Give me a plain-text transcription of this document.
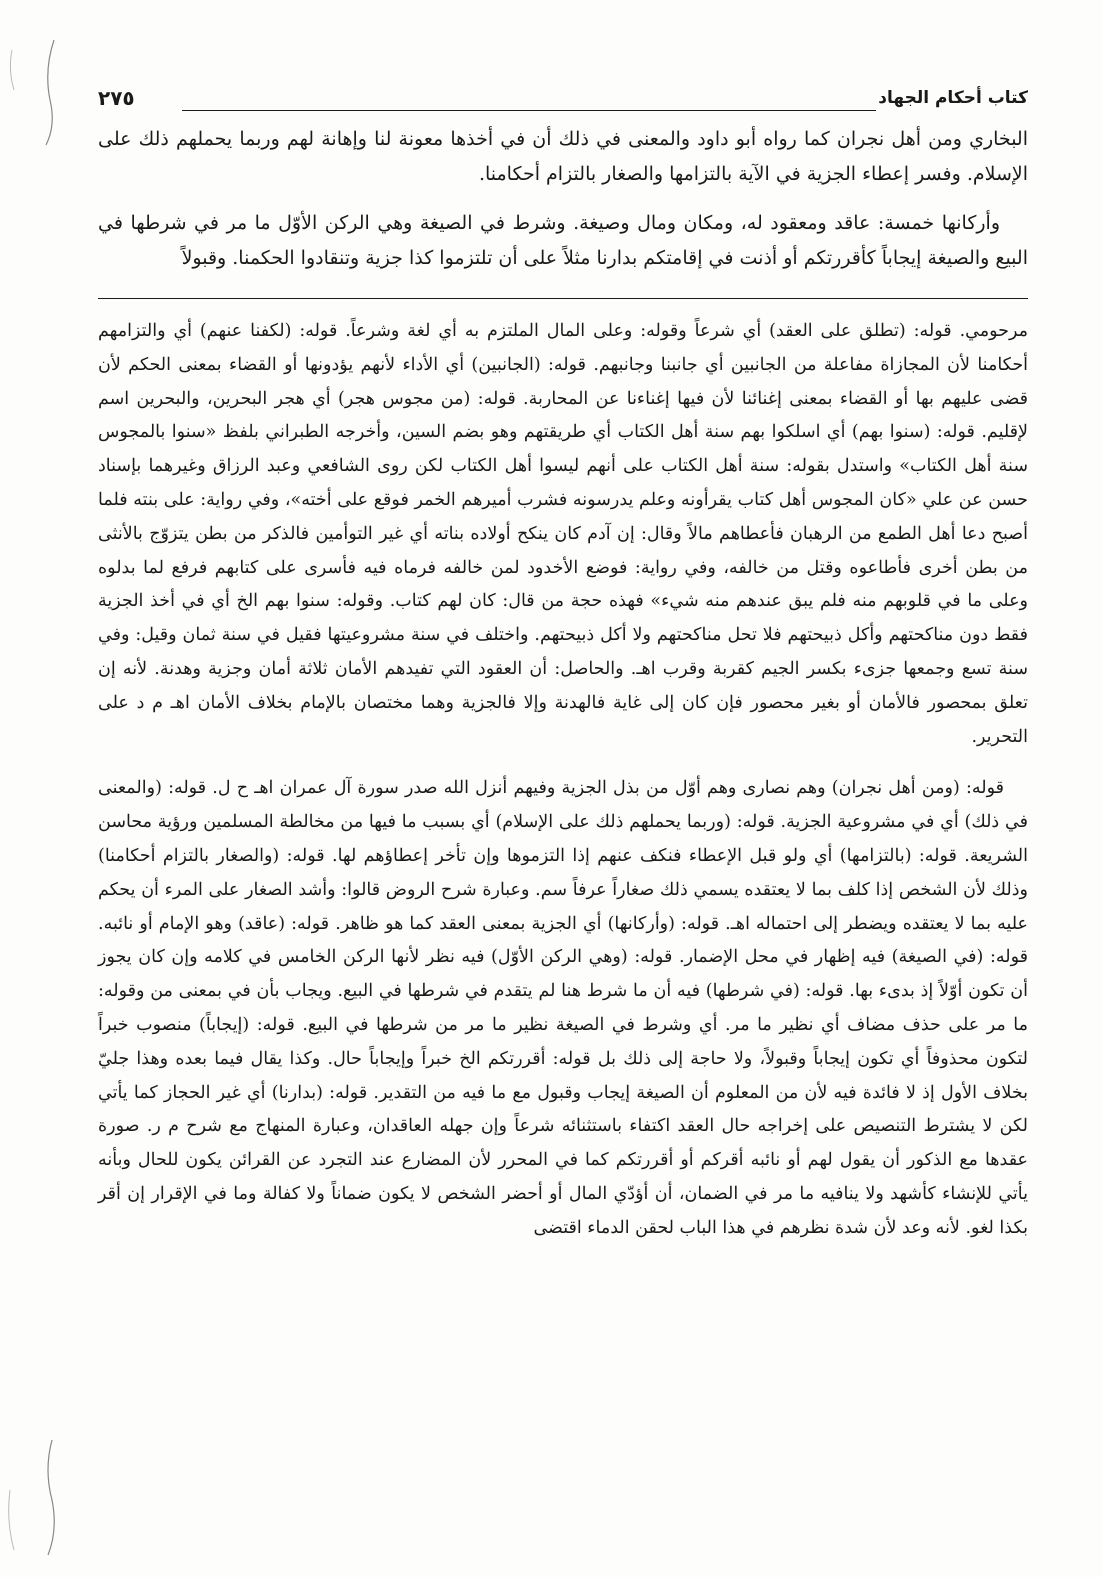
كتاب أحكام الجهاد
٢٧٥

البخاري ومن أهل نجران كما رواه أبو داود والمعنى في ذلك أن في أخذها معونة لنا وإهانة لهم وربما يحملهم ذلك على الإسلام. وفسر إعطاء الجزية في الآية بالتزامها والصغار بالتزام أحكامنا.

وأركانها خمسة: عاقد ومعقود له، ومكان ومال وصيغة. وشرط في الصيغة وهي الركن الأوّل ما مر في شرطها في البيع والصيغة إيجاباً كأقررتكم أو أذنت في إقامتكم بدارنا مثلاً على أن تلتزموا كذا جزية وتنقادوا الحكمنا. وقبولاً

مرحومي. قوله: (تطلق على العقد) أي شرعاً وقوله: وعلى المال الملتزم به أي لغة وشرعاً. قوله: (لكفنا عنهم) أي والتزامهم أحكامنا لأن المجازاة مفاعلة من الجانبين أي جانبنا وجانبهم. قوله: (الجانبين) أي الأداء لأنهم يؤدونها أو القضاء بمعنى الحكم لأن قضى عليهم بها أو القضاء بمعنى إغنائنا لأن فيها إغناءنا عن المحاربة. قوله: (من مجوس هجر) أي هجر البحرين، والبحرين اسم لإقليم. قوله: (سنوا بهم) أي اسلكوا بهم سنة أهل الكتاب أي طريقتهم وهو بضم السين، وأخرجه الطبراني بلفظ «سنوا بالمجوس سنة أهل الكتاب» واستدل بقوله: سنة أهل الكتاب على أنهم ليسوا أهل الكتاب لكن روى الشافعي وعبد الرزاق وغيرهما بإسناد حسن عن علي «كان المجوس أهل كتاب يقرأونه وعلم يدرسونه فشرب أميرهم الخمر فوقع على أخته»، وفي رواية: على بنته فلما أصبح دعا أهل الطمع من الرهبان فأعطاهم مالاً وقال: إن آدم كان ينكح أولاده بناته أي غير التوأمين فالذكر من بطن يتزوّج بالأنثى من بطن أخرى فأطاعوه وقتل من خالفه، وفي رواية: فوضع الأخدود لمن خالفه فرماه فيه فأسرى على كتابهم فرفع لما بدلوه وعلى ما في قلوبهم منه فلم يبق عندهم منه شيء» فهذه حجة من قال: كان لهم كتاب. وقوله: سنوا بهم الخ أي في أخذ الجزية فقط دون مناكحتهم وأكل ذبيحتهم فلا تحل مناكحتهم ولا أكل ذبيحتهم. واختلف في سنة مشروعيتها فقيل في سنة ثمان وقيل: وفي سنة تسع وجمعها جزىء بكسر الجيم كقربة وقرب اهـ. والحاصل: أن العقود التي تفيدهم الأمان ثلاثة أمان وجزية وهدنة. لأنه إن تعلق بمحصور فالأمان أو بغير محصور فإن كان إلى غاية فالهدنة وإلا فالجزية وهما مختصان بالإمام بخلاف الأمان اهـ م د على التحرير.

قوله: (ومن أهل نجران) وهم نصارى وهم أوّل من بذل الجزية وفيهم أنزل الله صدر سورة آل عمران اهـ ح ل. قوله: (والمعنى في ذلك) أي في مشروعية الجزية. قوله: (وربما يحملهم ذلك على الإسلام) أي بسبب ما فيها من مخالطة المسلمين ورؤية محاسن الشريعة. قوله: (بالتزامها) أي ولو قبل الإعطاء فنكف عنهم إذا التزموها وإن تأخر إعطاؤهم لها. قوله: (والصغار بالتزام أحكامنا) وذلك لأن الشخص إذا كلف بما لا يعتقده يسمي ذلك صغاراً عرفاً سم. وعبارة شرح الروض قالوا: وأشد الصغار على المرء أن يحكم عليه بما لا يعتقده ويضطر إلى احتماله اهـ. قوله: (وأركانها) أي الجزية بمعنى العقد كما هو ظاهر. قوله: (عاقد) وهو الإمام أو نائبه. قوله: (في الصيغة) فيه إظهار في محل الإضمار. قوله: (وهي الركن الأوّل) فيه نظر لأنها الركن الخامس في كلامه وإن كان يجوز أن تكون أوّلاً إذ بدىء بها. قوله: (في شرطها) فيه أن ما شرط هنا لم يتقدم في شرطها في البيع. ويجاب بأن في بمعنى من وقوله: ما مر على حذف مضاف أي نظير ما مر. أي وشرط في الصيغة نظير ما مر من شرطها في البيع. قوله: (إيجاباً) منصوب خبراً لتكون محذوفاً أي تكون إيجاباً وقبولاً، ولا حاجة إلى ذلك بل قوله: أقررتكم الخ خبراً وإيجاباً حال. وكذا يقال فيما بعده وهذا جليّ بخلاف الأول إذ لا فائدة فيه لأن من المعلوم أن الصيغة إيجاب وقبول مع ما فيه من التقدير. قوله: (بدارنا) أي غير الحجاز كما يأتي لكن لا يشترط التنصيص على إخراجه حال العقد اكتفاء باستثنائه شرعاً وإن جهله العاقدان، وعبارة المنهاج مع شرح م ر. صورة عقدها مع الذكور أن يقول لهم أو نائبه أقركم أو أقررتكم كما في المحرر لأن المضارع عند التجرد عن القرائن يكون للحال وبأنه يأتي للإنشاء كأشهد ولا ينافيه ما مر في الضمان، أن أؤدّي المال أو أحضر الشخص لا يكون ضماناً ولا كفالة وما في الإقرار إن أقر بكذا لغو. لأنه وعد لأن شدة نظرهم في هذا الباب لحقن الدماء اقتضى
